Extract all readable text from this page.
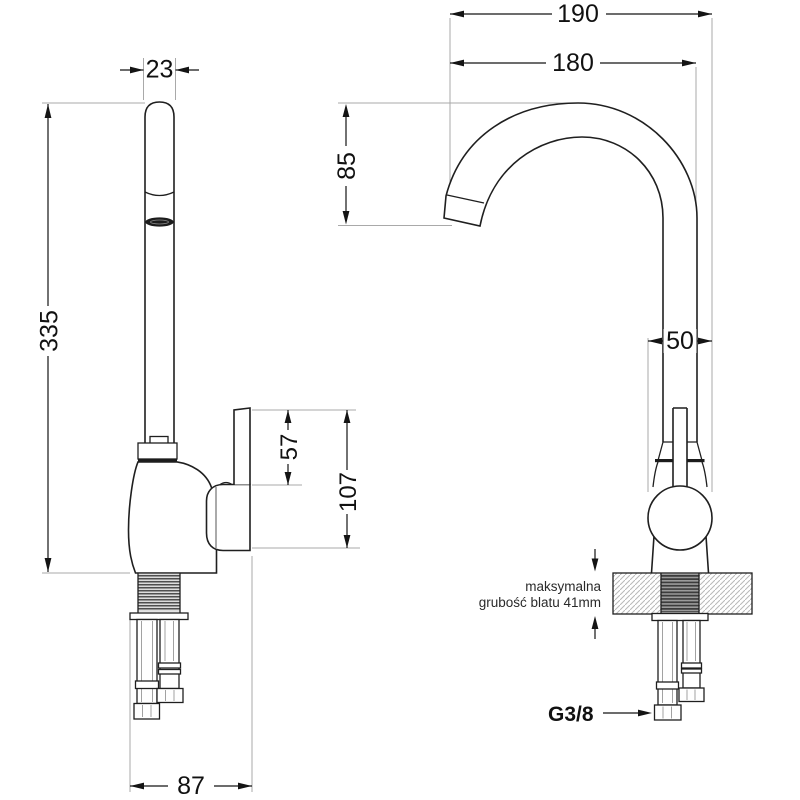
190
180
23
335
85
50
57
107
87
maksymalna
grubość blatu 41mm
G3/8
